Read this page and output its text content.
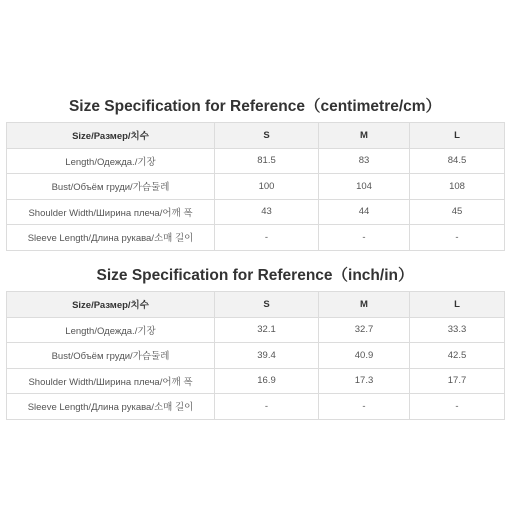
Size Specification for Reference（centimetre/cm）
Size/Размер/치수	S	M	L
Length/Одежда./기장	81.5	83	84.5
Bust/Объём груди/가슴둘레	100	104	108
Shoulder Width/Ширина плеча/어깨 폭	43	44	45
Sleeve Length/Длина рукава/소매 길이	-	-	-
Size Specification for Reference（inch/in）
Size/Размер/치수	S	M	L
Length/Одежда./기장	32.1	32.7	33.3
Bust/Объём груди/가슴둘레	39.4	40.9	42.5
Shoulder Width/Ширина плеча/어깨 폭	16.9	17.3	17.7
Sleeve Length/Длина рукава/소매 길이	-	-	-
